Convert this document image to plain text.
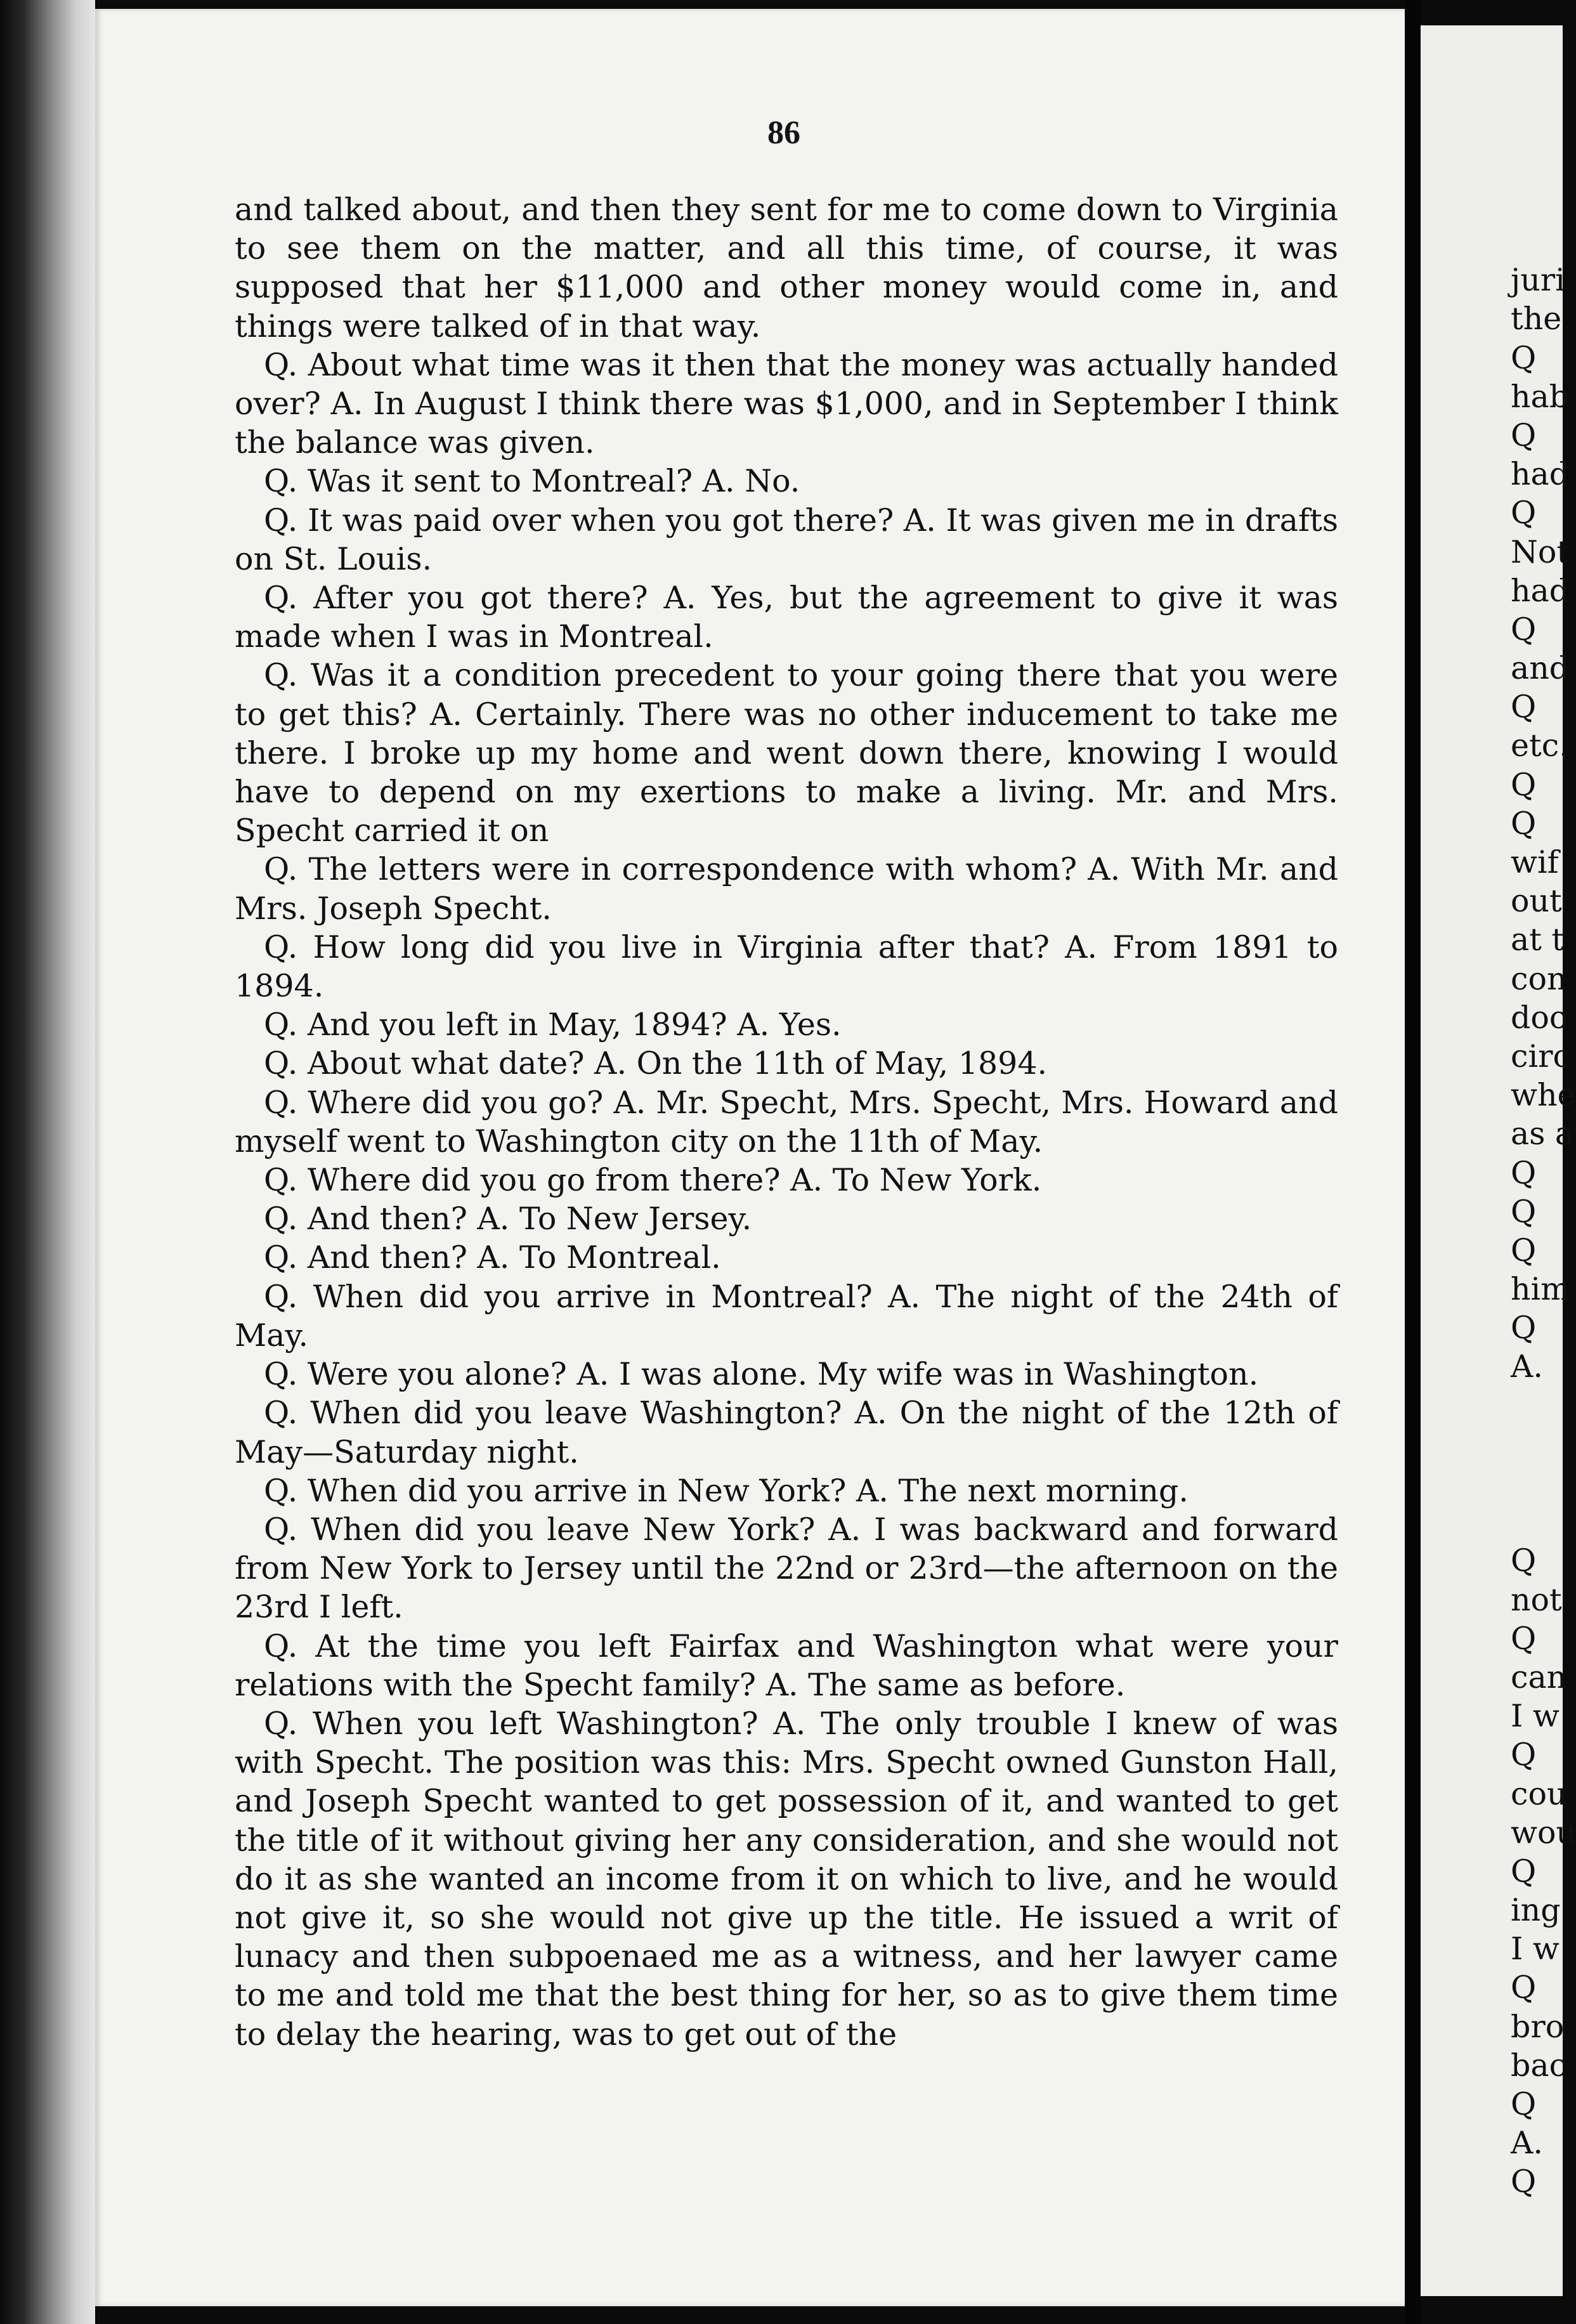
86

and talked about, and then they sent for me to come down to Virginia to see them on the matter, and all this time, of course, it was supposed that her $11,000 and other money would come in, and things were talked of in that way.

Q. About what time was it then that the money was actually handed over? A. In August I think there was $1,000, and in September I think the balance was given.

Q. Was it sent to Montreal? A. No.

Q. It was paid over when you got there? A. It was given me in drafts on St. Louis.

Q. After you got there? A. Yes, but the agreement to give it was made when I was in Montreal.

Q. Was it a condition precedent to your going there that you were to get this? A. Certainly. There was no other inducement to take me there. I broke up my home and went down there, knowing I would have to depend on my exertions to make a living. Mr. and Mrs. Specht carried it on

Q. The letters were in correspondence with whom? A. With Mr. and Mrs. Joseph Specht.

Q. How long did you live in Virginia after that? A. From 1891 to 1894.

Q. And you left in May, 1894? A. Yes.

Q. About what date? A. On the 11th of May, 1894.

Q. Where did you go? A. Mr. Specht, Mrs. Specht, Mrs. Howard and myself went to Washington city on the 11th of May.

Q. Where did you go from there? A. To New York.

Q. And then? A. To New Jersey.

Q. And then? A. To Montreal.

Q. When did you arrive in Montreal? A. The night of the 24th of May.

Q. Were you alone? A. I was alone. My wife was in Washington.

Q. When did you leave Washington? A. On the night of the 12th of May—Saturday night.

Q. When did you arrive in New York? A. The next morning.

Q. When did you leave New York? A. I was backward and forward from New York to Jersey until the 22nd or 23rd—the afternoon on the 23rd I left.

Q. At the time you left Fairfax and Washington what were your relations with the Specht family? A. The same as before.

Q. When you left Washington? A. The only trouble I knew of was with Specht. The position was this: Mrs. Specht owned Gunston Hall, and Joseph Specht wanted to get possession of it, and wanted to get the title of it without giving her any consideration, and she would not do it as she wanted an income from it on which to live, and he would not give it, so she would not give up the title. He issued a writ of lunacy and then subpoenaed me as a witness, and her lawyer came to me and told me that the best thing for her, so as to give them time to delay the hearing, was to get out of the

juri
the
Q
hab
Q
had
Q
Not
had
Q
and
Q
etc.
Q
Q
wif
out
at t
con
doo
circ
whe
as a
Q
Q
Q
him
Q
A.
Q
not
Q
can
I w
Q
cou
wou
Q
ing
I w
Q
bro
bac
Q
A.
Q
